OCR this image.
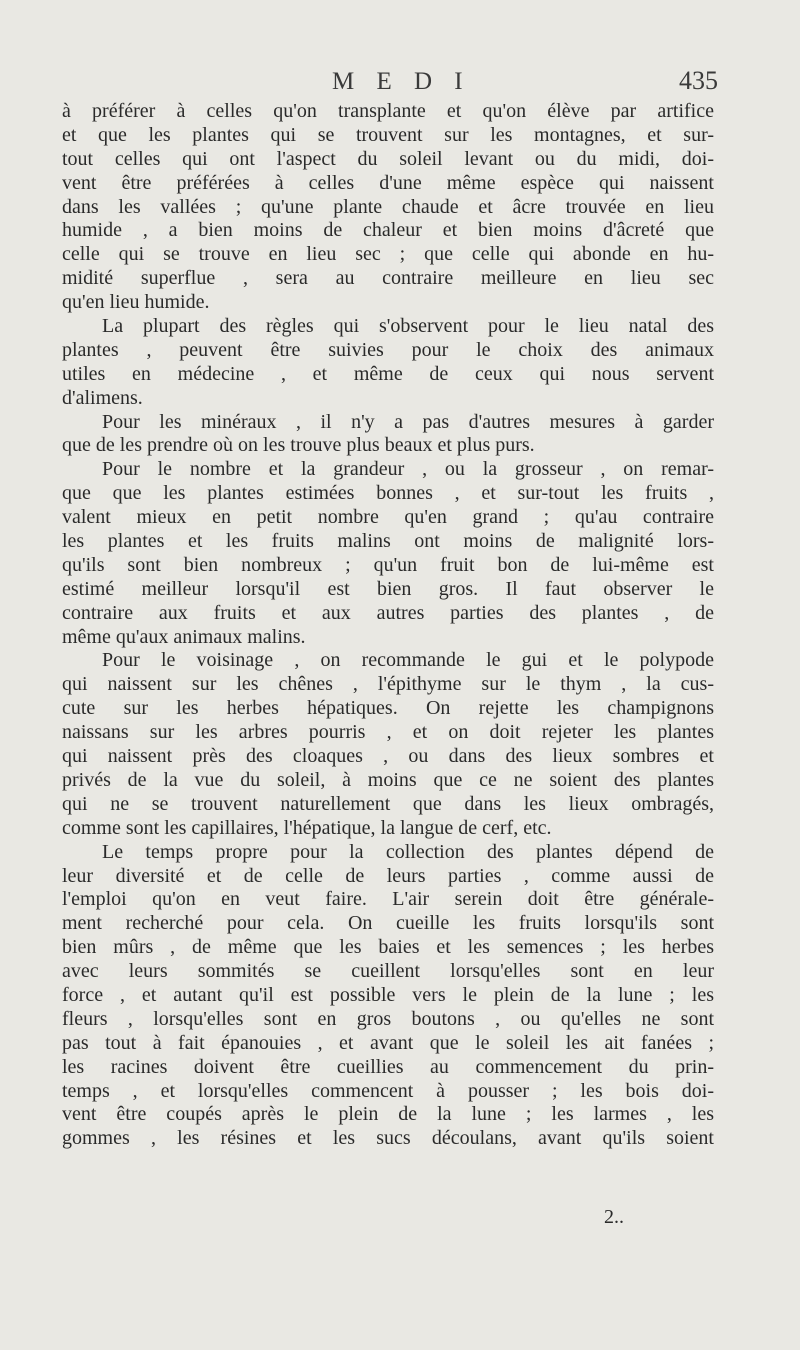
M E D I	435
à préférer à celles qu'on transplante et qu'on élève par artifice
et que les plantes qui se trouvent sur les montagnes, et sur-
tout celles qui ont l'aspect du soleil levant ou du midi, doi-
vent être préférées à celles d'une même espèce qui naissent
dans les vallées ; qu'une plante chaude et âcre trouvée en lieu
humide , a bien moins de chaleur et bien moins d'âcreté que
celle qui se trouve en lieu sec ; que celle qui abonde en hu-
midité superflue , sera au contraire meilleure en lieu sec
qu'en lieu humide.
La plupart des règles qui s'observent pour le lieu natal des
plantes , peuvent être suivies pour le choix des animaux
utiles en médecine , et même de ceux qui nous servent
d'alimens.
Pour les minéraux , il n'y a pas d'autres mesures à garder
que de les prendre où on les trouve plus beaux et plus purs.
Pour le nombre et la grandeur , ou la grosseur , on remar-
que que les plantes estimées bonnes , et sur-tout les fruits ,
valent mieux en petit nombre qu'en grand ; qu'au contraire
les plantes et les fruits malins ont moins de malignité lors-
qu'ils sont bien nombreux ; qu'un fruit bon de lui-même est
estimé meilleur lorsqu'il est bien gros. Il faut observer le
contraire aux fruits et aux autres parties des plantes , de
même qu'aux animaux malins.
Pour le voisinage , on recommande le gui et le polypode
qui naissent sur les chênes , l'épithyme sur le thym , la cus-
cute sur les herbes hépatiques. On rejette les champignons
naissans sur les arbres pourris , et on doit rejeter les plantes
qui naissent près des cloaques , ou dans des lieux sombres et
privés de la vue du soleil, à moins que ce ne soient des plantes
qui ne se trouvent naturellement que dans les lieux ombragés,
comme sont les capillaires, l'hépatique, la langue de cerf, etc.
Le temps propre pour la collection des plantes dépend de
leur diversité et de celle de leurs parties , comme aussi de
l'emploi qu'on en veut faire. L'air serein doit être générale-
ment recherché pour cela. On cueille les fruits lorsqu'ils sont
bien mûrs , de même que les baies et les semences ; les herbes
avec leurs sommités se cueillent lorsqu'elles sont en leur
force , et autant qu'il est possible vers le plein de la lune ; les
fleurs , lorsqu'elles sont en gros boutons , ou qu'elles ne sont
pas tout à fait épanouies , et avant que le soleil les ait fanées ;
les racines doivent être cueillies au commencement du prin-
temps , et lorsqu'elles commencent à pousser ; les bois doi-
vent être coupés après le plein de la lune ; les larmes , les
gommes , les résines et les sucs découlans, avant qu'ils soient
2..
